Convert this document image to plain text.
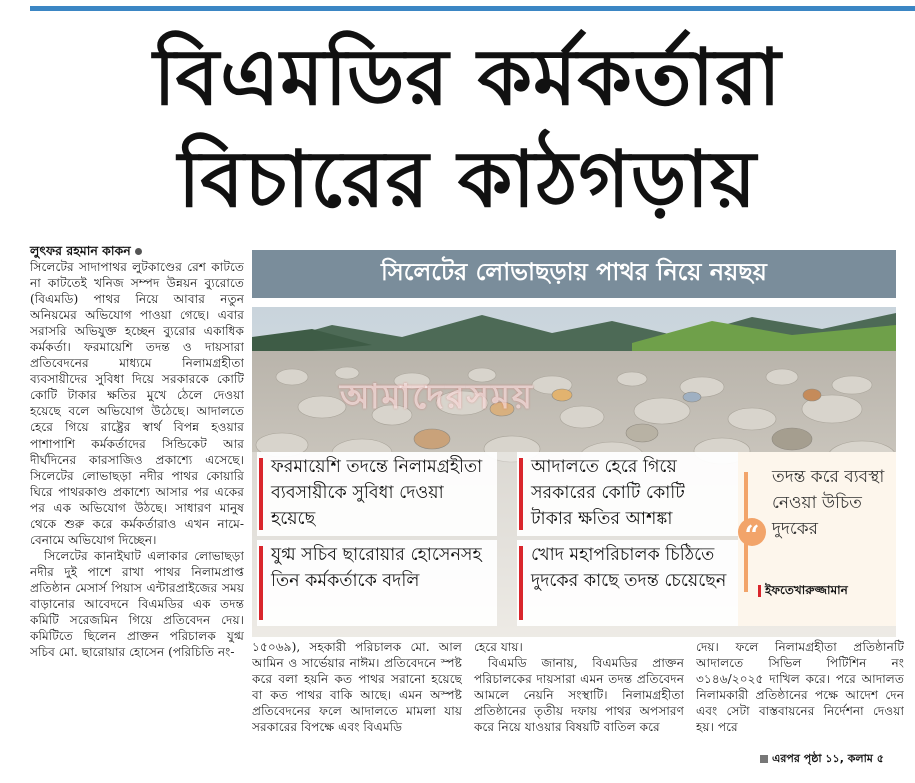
বিএমডির কর্মকর্তারা
বিচারের কাঠগড়ায়
লুৎফর রহমান কাকন

সিলেটের সাদাপাথর লুটকাণ্ডের রেশ কাটতে না কাটতেই খনিজ সম্পদ উন্নয়ন ব্যুরোতে (বিএমডি) পাথর নিয়ে আবার নতুন অনিয়মের অভিযোগ পাওয়া গেছে। এবার সরাসরি অভিযুক্ত হচ্ছেন ব্যুরোর একাধিক কর্মকর্তা। ফরমায়েশি তদন্ত ও দায়সারা প্রতিবেদনের মাধ্যমে নিলামগ্রহীতা ব্যবসায়ীদের সুবিধা দিয়ে সরকারকে কোটি কোটি টাকার ক্ষতির মুখে ঠেলে দেওয়া হয়েছে বলে অভিযোগ উঠেছে। আদালতে হেরে গিয়ে রাষ্ট্রের স্বার্থ বিপন্ন হওয়ার পাশাপাশি কর্মকর্তাদের সিন্ডিকেট আর দীর্ঘদিনের কারসাজিও প্রকাশ্যে এসেছে। সিলেটের লোভাছড়া নদীর পাথর কোয়ারি ঘিরে পাথরকাণ্ড প্রকাশ্যে আসার পর একের পর এক অভিযোগ উঠছে। সাধারণ মানুষ থেকে শুরু করে কর্মকর্তারাও এখন নামে-বেনামে অভিযোগ দিচ্ছেন।

সিলেটের কানাইঘাট এলাকার লোভাছড়া নদীর দুই পাশে রাখা পাথর নিলামপ্রাপ্ত প্রতিষ্ঠান মেসার্স পিয়াস এন্টারপ্রাইজের সময় বাড়ানোর আবেদনে বিএমডির এক তদন্ত কমিটি সরেজমিন গিয়ে প্রতিবেদন দেয়। কমিটিতে ছিলেন প্রাক্তন পরিচালক যুগ্ম সচিব মো. ছারোয়ার হোসেন (পরিচিতি নং-

সিলেটের লোভাছড়ায় পাথর নিয়ে নয়ছয়
আমাদেরসময়
ফরমায়েশি তদন্তে নিলামগ্রহীতা ব্যবসায়ীকে সুবিধা দেওয়া হয়েছে
আদালতে হেরে গিয়ে সরকারের কোটি কোটি টাকার ক্ষতির আশঙ্কা
যুগ্ম সচিব ছারোয়ার হোসেনসহ তিন কর্মকর্তাকে বদলি
খোদ মহাপরিচালক চিঠিতে দুদকের কাছে তদন্ত চেয়েছেন
“
তদন্ত করে ব্যবস্থা নেওয়া উচিত দুদকের
ইফতেখারুজ্জামান

১৫০৬৯), সহকারী পরিচালক মো. আল আমিন ও সার্ভেয়ার নাঈম। প্রতিবেদনে স্পষ্ট করে বলা হয়নি কত পাথর সরানো হয়েছে বা কত পাথর বাকি আছে। এমন অস্পষ্ট প্রতিবেদনের ফলে আদালতে মামলা যায় সরকারের বিপক্ষে এবং বিএমডি

হেরে যায়।

বিএমডি জানায়, বিএমডির প্রাক্তন পরিচালকের দায়সারা এমন তদন্ত প্রতিবেদন আমলে নেয়নি সংস্থাটি। নিলামগ্রহীতা প্রতিষ্ঠানের তৃতীয় দফায় পাথর অপসারণ করে নিয়ে যাওয়ার বিষয়টি বাতিল করে

দেয়। ফলে নিলামগ্রহীতা প্রতিষ্ঠানটি আদালতে সিভিল পিটিশিন নং ৩১৪৬/২০২৫ দাখিল করে। পরে আদালত নিলামকারী প্রতিষ্ঠানের পক্ষে আদেশ দেন এবং সেটা বাস্তবায়নের নির্দেশনা দেওয়া হয়। পরে

এরপর পৃষ্ঠা ১১, কলাম ৫
